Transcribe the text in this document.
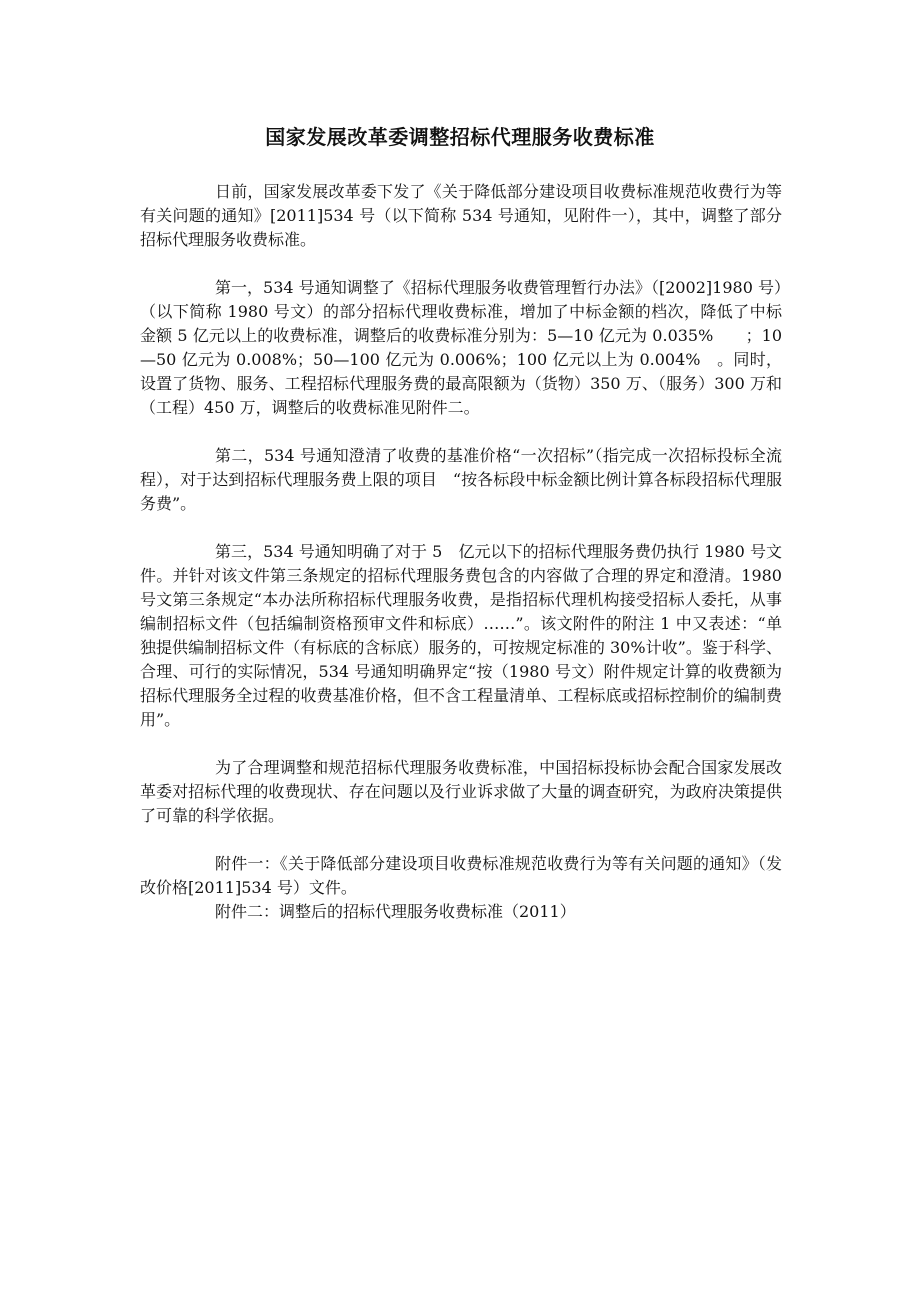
国家发展改革委调整招标代理服务收费标准

日前，国家发展改革委下发了《关于降低部分建设项目收费标准规范收费行为等有关问题的通知》[2011]534 号（以下简称 534 号通知，见附件一），其中，调整了部分招标代理服务收费标准。

第一，534 号通知调整了《招标代理服务收费管理暂行办法》（[2002]1980 号）（以下简称 1980 号文）的部分招标代理收费标准，增加了中标金额的档次，降低了中标金额 5 亿元以上的收费标准，调整后的收费标准分别为：5—10 亿元为 0.035%　　；10—50 亿元为 0.008%；50—100 亿元为 0.006%；100 亿元以上为 0.004%　。同时，设置了货物、服务、工程招标代理服务费的最高限额为（货物）350 万、（服务）300 万和（工程）450 万，调整后的收费标准见附件二。

第二，534 号通知澄清了收费的基准价格“一次招标”（指完成一次招标投标全流程），对于达到招标代理服务费上限的项目　“按各标段中标金额比例计算各标段招标代理服务费”。

第三，534 号通知明确了对于 5　亿元以下的招标代理服务费仍执行 1980 号文件。并针对该文件第三条规定的招标代理服务费包含的内容做了合理的界定和澄清。1980 号文第三条规定“本办法所称招标代理服务收费，是指招标代理机构接受招标人委托，从事编制招标文件（包括编制资格预审文件和标底）……”。该文附件的附注 1 中又表述：“单独提供编制招标文件（有标底的含标底）服务的，可按规定标准的 30%计收”。鉴于科学、合理、可行的实际情况，534 号通知明确界定“按（1980 号文）附件规定计算的收费额为招标代理服务全过程的收费基准价格，但不含工程量清单、工程标底或招标控制价的编制费用”。

为了合理调整和规范招标代理服务收费标准，中国招标投标协会配合国家发展改革委对招标代理的收费现状、存在问题以及行业诉求做了大量的调查研究，为政府决策提供了可靠的科学依据。

附件一：《关于降低部分建设项目收费标准规范收费行为等有关问题的通知》（发改价格[2011]534 号）文件。

附件二：调整后的招标代理服务收费标准（2011）
